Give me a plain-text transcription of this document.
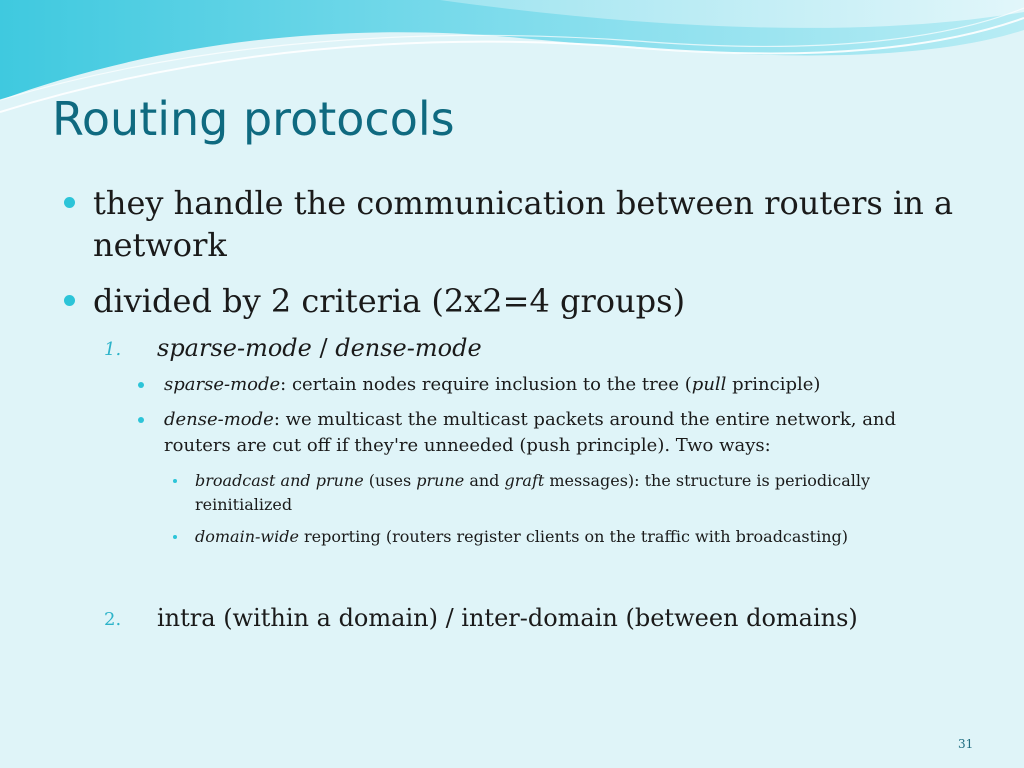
Routing protocols
they handle the communication between routers in a network
divided by 2 criteria (2x2=4 groups)
1. sparse-mode / dense-mode
sparse-mode: certain nodes require inclusion to the tree (pull principle)
dense-mode: we multicast the multicast packets around the entire network, and routers are cut off if they're unneeded (push principle). Two ways:
broadcast and prune (uses prune and graft messages): the structure is periodically reinitialized
domain-wide reporting (routers register clients on the traffic with broadcasting)
2. intra (within a domain) / inter-domain (between domains)
31
